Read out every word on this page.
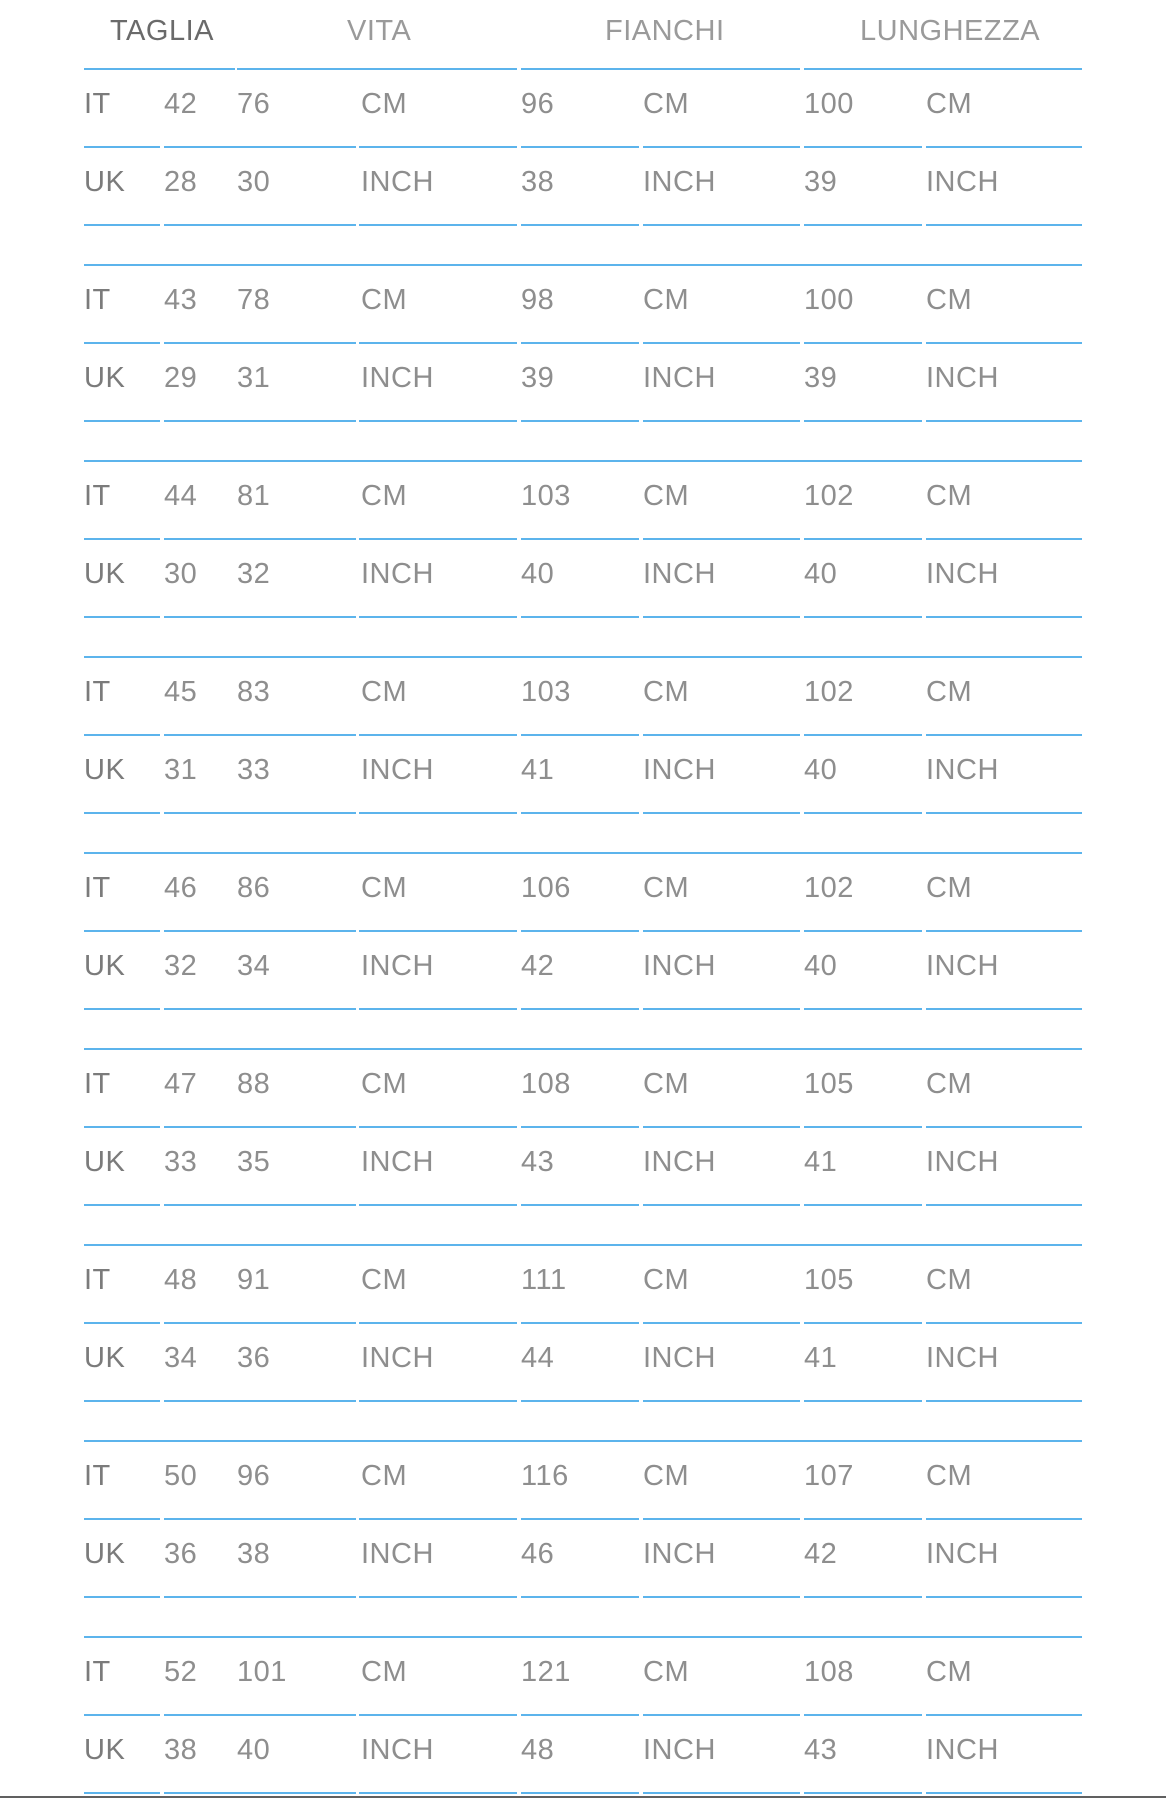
TAGLIA	VITA	FIANCHI	LUNGHEZZA
IT 42 76	CM	96	CM	100 CM
UK 28 30	INCH	38	INCH	39	INCH
IT 43 78	CM	98	CM	100 CM
UK 29 31	INCH	39	INCH	39	INCH
IT 44 81	CM	103 CM	102 CM
UK 30 32	INCH	40	INCH	40	INCH
IT 45 83	CM	103 CM	102 CM
UK 31 33	INCH	41	INCH	40	INCH
IT 46 86	CM	106 CM	102 CM
UK 32 34	INCH	42	INCH	40	INCH
IT 47 88	CM	108 CM	105 CM
UK 33 35	INCH	43	INCH	41	INCH
IT 48 91	CM	111	CM	105 CM
UK 34 36	INCH	44	INCH	41	INCH
IT 50 96	CM	116	CM	107 CM
UK 36 38	INCH	46	INCH	42	INCH
IT 52 101	CM	121 CM	108 CM
UK 38 40	INCH	48	INCH	43	INCH
